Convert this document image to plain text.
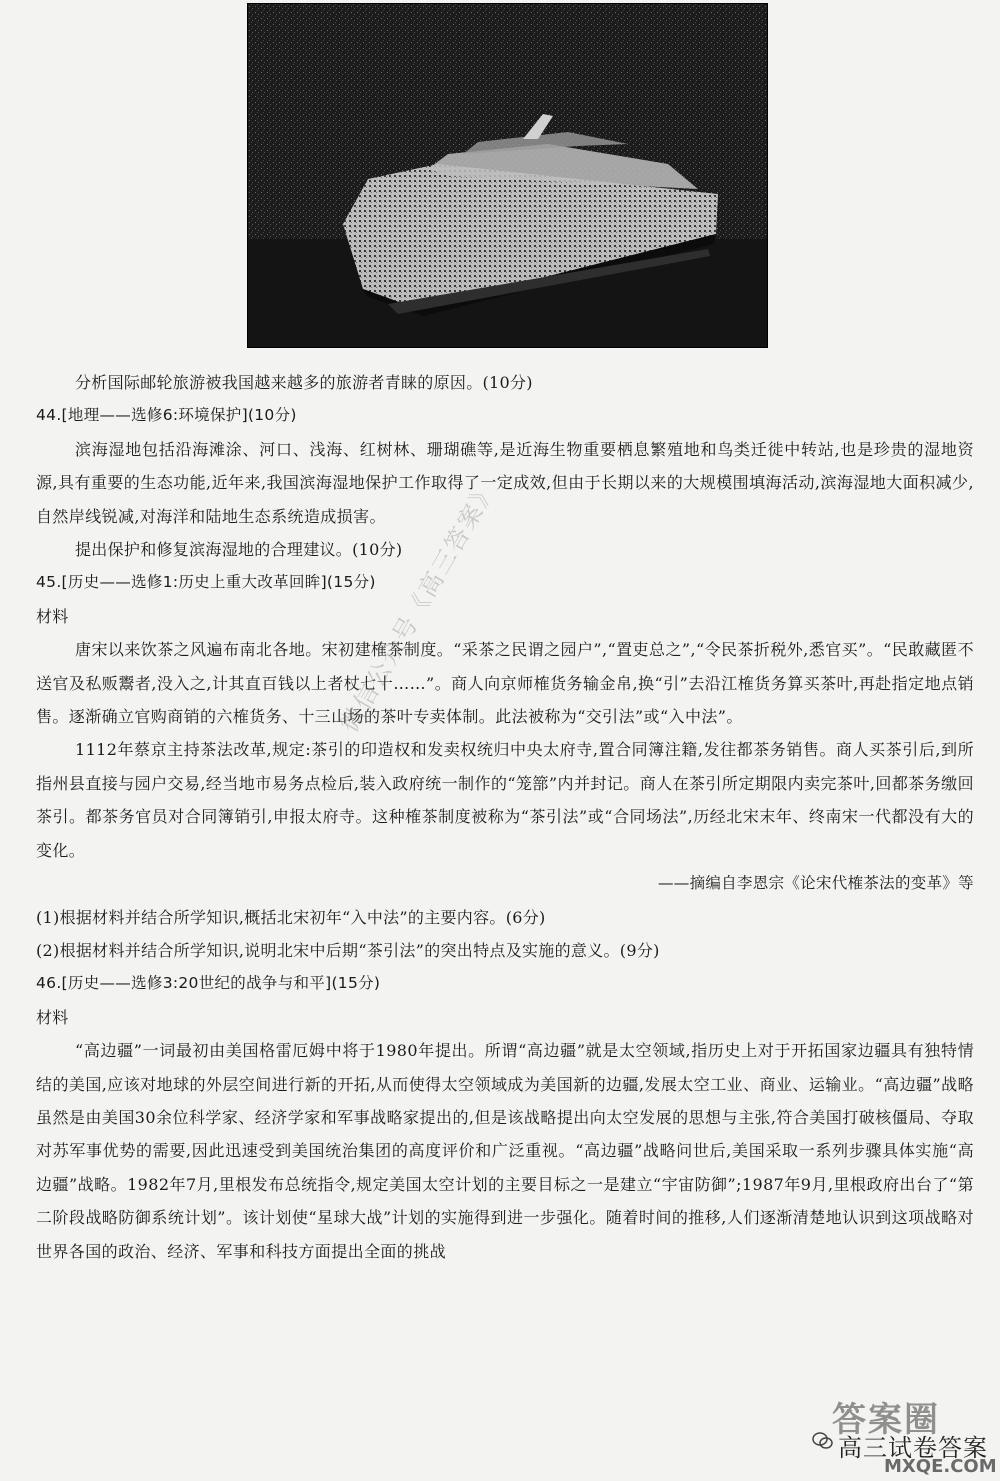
分析国际邮轮旅游被我国越来越多的旅游者青睐的原因。(10分)
44.[地理——选修6:环境保护](10分)

滨海湿地包括沿海滩涂、河口、浅海、红树林、珊瑚礁等,是近海生物重要栖息繁殖地和鸟类迁徙中转站,也是珍贵的湿地资源,具有重要的生态功能,近年来,我国滨海湿地保护工作取得了一定成效,但由于长期以来的大规模围填海活动,滨海湿地大面积减少,自然岸线锐减,对海洋和陆地生态系统造成损害。

提出保护和修复滨海湿地的合理建议。(10分)
45.[历史——选修1:历史上重大改革回眸](15分)
材料

唐宋以来饮茶之风遍布南北各地。宋初建榷茶制度。“采茶之民谓之园户”,“置吏总之”,“令民茶折税外,悉官买”。“民敢藏匿不送官及私贩鬻者,没入之,计其直百钱以上者杖七十……”。商人向京师榷货务输金帛,换“引”去沿江榷货务算买茶叶,再赴指定地点销售。逐渐确立官购商销的六榷货务、十三山场的茶叶专卖体制。此法被称为“交引法”或“入中法”。

1112年蔡京主持茶法改革,规定:茶引的印造权和发卖权统归中央太府寺,置合同簿注籍,发往都茶务销售。商人买茶引后,到所指州县直接与园户交易,经当地市易务点检后,装入政府统一制作的“笼篰”内并封记。商人在茶引所定期限内卖完茶叶,回都茶务缴回茶引。都茶务官员对合同簿销引,申报太府寺。这种榷茶制度被称为“茶引法”或“合同场法”,历经北宋末年、终南宋一代都没有大的变化。

——摘编自李恩宗《论宋代榷茶法的变革》等
(1)根据材料并结合所学知识,概括北宋初年“入中法”的主要内容。(6分)
(2)根据材料并结合所学知识,说明北宋中后期“茶引法”的突出特点及实施的意义。(9分)
46.[历史——选修3:20世纪的战争与和平](15分)
材料

“高边疆”一词最初由美国格雷厄姆中将于1980年提出。所谓“高边疆”就是太空领域,指历史上对于开拓国家边疆具有独特情结的美国,应该对地球的外层空间进行新的开拓,从而使得太空领域成为美国新的边疆,发展太空工业、商业、运输业。“高边疆”战略虽然是由美国30余位科学家、经济学家和军事战略家提出的,但是该战略提出向太空发展的思想与主张,符合美国打破核僵局、夺取对苏军事优势的需要,因此迅速受到美国统治集团的高度评价和广泛重视。“高边疆”战略问世后,美国采取一系列步骤具体实施“高边疆”战略。1982年7月,里根发布总统指令,规定美国太空计划的主要目标之一是建立“宇宙防御”;1987年9月,里根政府出台了“第二阶段战略防御系统计划”。该计划使“星球大战”计划的实施得到进一步强化。随着时间的推移,人们逐渐清楚地认识到这项战略对世界各国的政治、经济、军事和科技方面提出全面的挑战

微信公众号《高三答案》
答案圈
高三试卷答案
MXQE.COM
